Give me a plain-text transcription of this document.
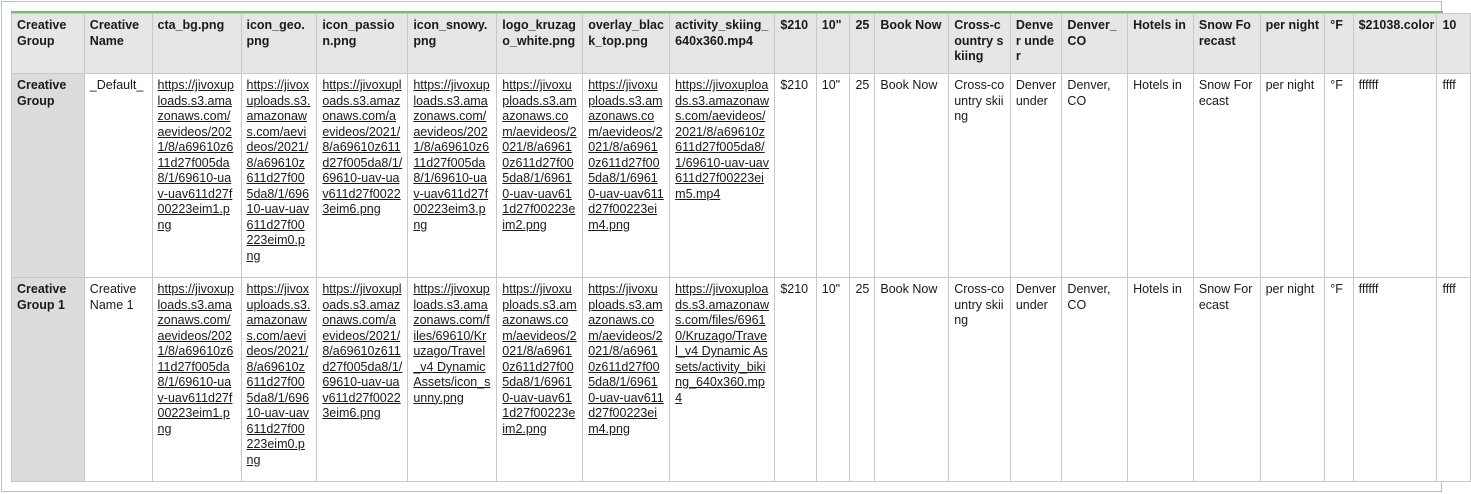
Creative Group	Creative Name	cta_bg.png	icon_geo.png	icon_passion.png	icon_snowy.png	logo_kruzago_white.png	overlay_black_top.png	activity_skiing_640x360.mp4	$210	10"	25	Book Now	Cross-country skiing	Denver under	Denver_CO	Hotels in	Snow Forecast	per night	°F	$21038.color	10
Creative Group	_Default_	https://jivoxuploads.s3.amazonaws.com/aevideos/2021/8/a69610z611d27f005da8/1/69610-uav-uav611d27f00223eim1.png	https://jivoxuploads.s3.amazonaws.com/aevideos/2021/8/a69610z611d27f005da8/1/69610-uav-uav611d27f00223eim0.png	https://jivoxuploads.s3.amazonaws.com/aevideos/2021/8/a69610z611d27f005da8/1/69610-uav-uav611d27f00223eim6.png	https://jivoxuploads.s3.amazonaws.com/aevideos/2021/8/a69610z611d27f005da8/1/69610-uav-uav611d27f00223eim3.png	https://jivoxuploads.s3.amazonaws.com/aevideos/2021/8/a69610z611d27f005da8/1/69610-uav-uav611d27f00223eim2.png	https://jivoxuploads.s3.amazonaws.com/aevideos/2021/8/a69610z611d27f005da8/1/69610-uav-uav611d27f00223eim4.png	https://jivoxuploads.s3.amazonaws.com/aevideos/2021/8/a69610z611d27f005da8/1/69610-uav-uav611d27f00223eim5.mp4	$210	10"	25	Book Now	Cross-country skiing	Denver under	Denver, CO	Hotels in	Snow Forecast	per night	°F	ffffff	ffff
Creative Group 1	Creative Name 1	https://jivoxuploads.s3.amazonaws.com/aevideos/2021/8/a69610z611d27f005da8/1/69610-uav-uav611d27f00223eim1.png	https://jivoxuploads.s3.amazonaws.com/aevideos/2021/8/a69610z611d27f005da8/1/69610-uav-uav611d27f00223eim0.png	https://jivoxuploads.s3.amazonaws.com/aevideos/2021/8/a69610z611d27f005da8/1/69610-uav-uav611d27f00223eim6.png	https://jivoxuploads.s3.amazonaws.com/files/69610/Kruzago/Travel_v4 Dynamic Assets/icon_sunny.png	https://jivoxuploads.s3.amazonaws.com/aevideos/2021/8/a69610z611d27f005da8/1/69610-uav-uav611d27f00223eim2.png	https://jivoxuploads.s3.amazonaws.com/aevideos/2021/8/a69610z611d27f005da8/1/69610-uav-uav611d27f00223eim4.png	https://jivoxuploads.s3.amazonaws.com/files/69610/Kruzago/Travel_v4 Dynamic Assets/activity_biking_640x360.mp4	$210	10"	25	Book Now	Cross-country skiing	Denver under	Denver, CO	Hotels in	Snow Forecast	per night	°F	ffffff	ffff
